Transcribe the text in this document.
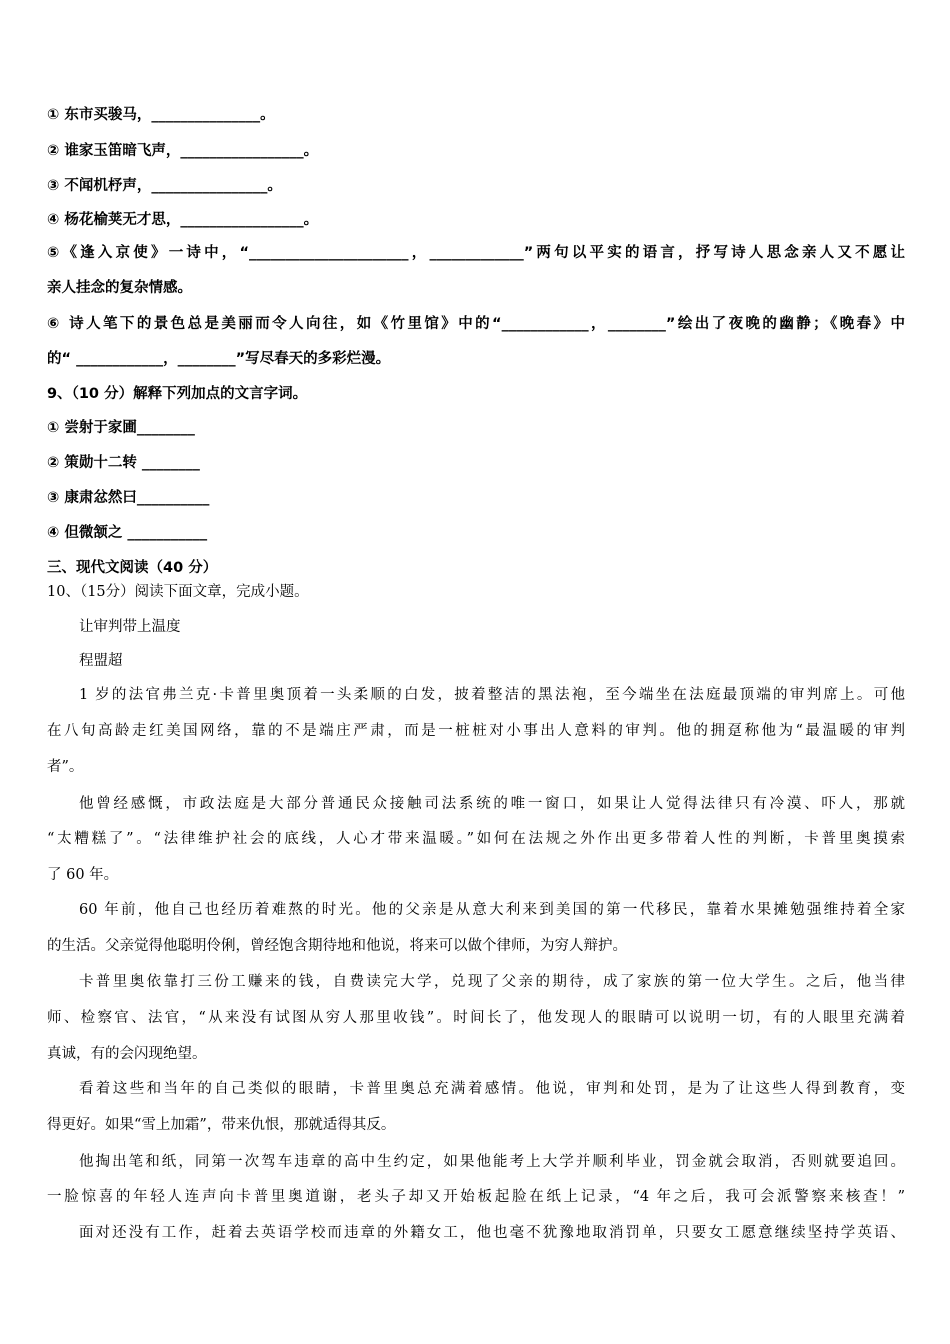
① 东市买骏马，_______________。
② 谁家玉笛暗飞声，_________________。
③ 不闻机杼声，________________。
④ 杨花榆荚无才思，_________________。
⑤《逢入京使》一诗中，“______________________，_____________”两句以平实的语言，抒写诗人思念亲人又不愿让
亲人挂念的复杂情感。
⑥ 诗人笔下的景色总是美丽而令人向往，如《竹里馆》中的“____________，________”绘出了夜晚的幽静；《晚春》中
的“ ____________，________”写尽春天的多彩烂漫。
9、（10 分）解释下列加点的文言字词。
① 尝射于家圃________
② 策勋十二转 ________
③ 康肃忿然曰__________
④ 但微颔之 ___________
三、现代文阅读（40 分）
10、（15分）阅读下面文章，完成小题。
让审判带上温度
程盟超
1 岁的法官弗兰克·卡普里奥顶着一头柔顺的白发，披着整洁的黑法袍，至今端坐在法庭最顶端的审判席上。可他
在八旬高龄走红美国网络，靠的不是端庄严肃，而是一桩桩对小事出人意料的审判。他的拥趸称他为“最温暖的审判
者”。
他曾经感慨，市政法庭是大部分普通民众接触司法系统的唯一窗口，如果让人觉得法律只有冷漠、吓人，那就
“太糟糕了”。“法律维护社会的底线，人心才带来温暖。”如何在法规之外作出更多带着人性的判断，卡普里奥摸索
了 60 年。
60 年前，他自己也经历着难熬的时光。他的父亲是从意大利来到美国的第一代移民，靠着水果摊勉强维持着全家
的生活。父亲觉得他聪明伶俐，曾经饱含期待地和他说，将来可以做个律师，为穷人辩护。
卡普里奥依靠打三份工赚来的钱，自费读完大学，兑现了父亲的期待，成了家族的第一位大学生。之后，他当律
师、检察官、法官，“从来没有试图从穷人那里收钱”。时间长了，他发现人的眼睛可以说明一切，有的人眼里充满着
真诚，有的会闪现绝望。
看着这些和当年的自己类似的眼睛，卡普里奥总充满着感情。他说，审判和处罚，是为了让这些人得到教育，变
得更好。如果“雪上加霜”，带来仇恨，那就适得其反。
他掏出笔和纸，同第一次驾车违章的高中生约定，如果他能考上大学并顺利毕业，罚金就会取消，否则就要追回。
一脸惊喜的年轻人连声向卡普里奥道谢，老头子却又开始板起脸在纸上记录，“4 年之后，我可会派警察来核查！”
面对还没有工作，赶着去英语学校而违章的外籍女工，他也毫不犹豫地取消罚单，只要女工愿意继续坚持学英语、
